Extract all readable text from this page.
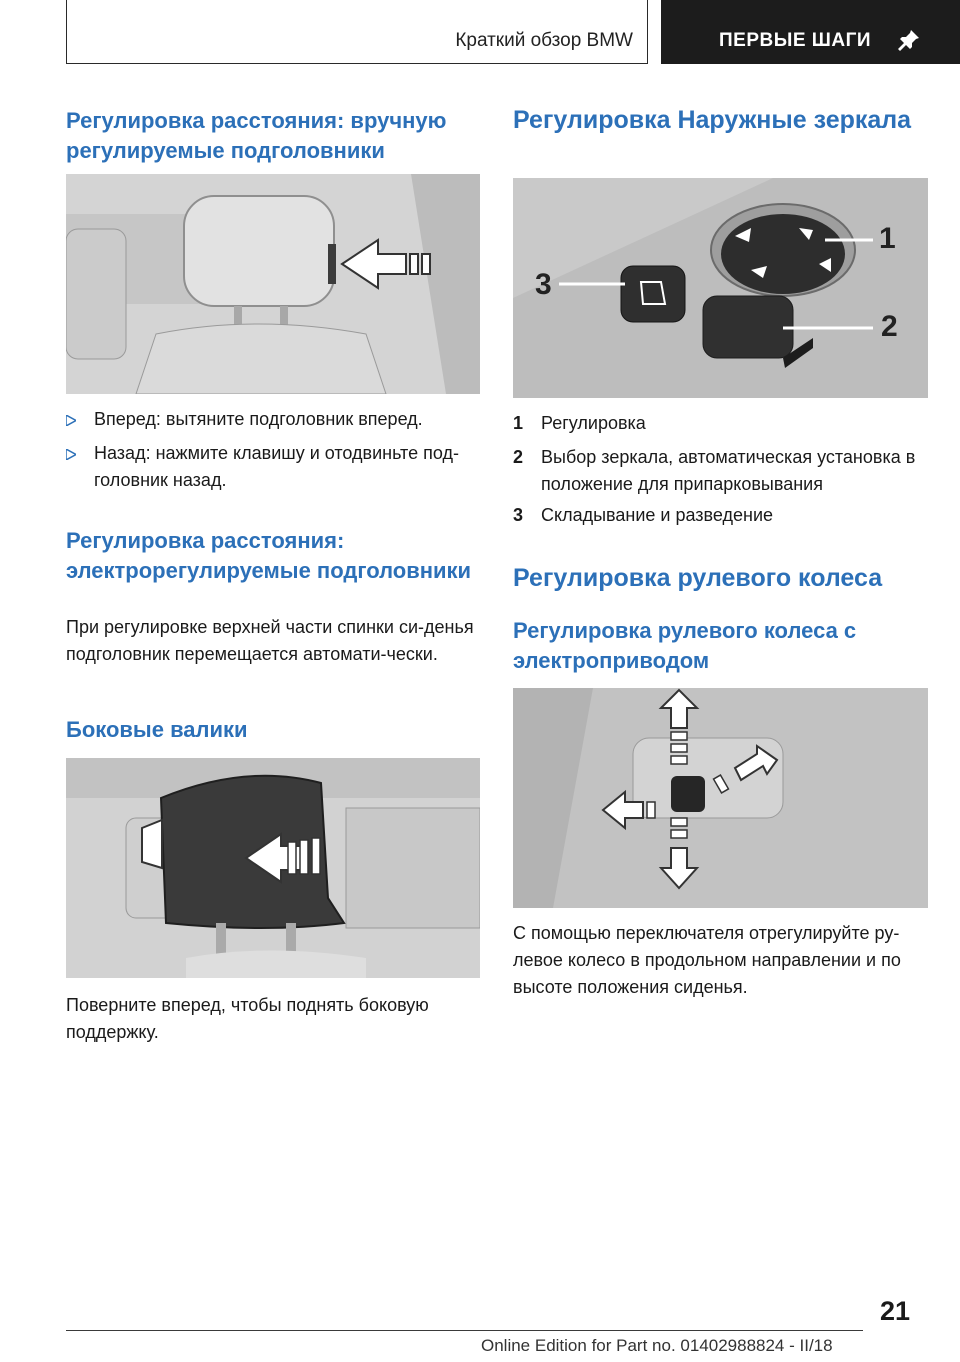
Краткий обзор BMW	ПЕРВЫЕ ШАГИ
Регулировка расстояния: вручную регулируемые подголовники
Вперед: вытяните подголовник вперед.
Назад: нажмите клавишу и отодвиньте под-головник назад.
Регулировка расстояния: электрорегулируемые подголовники

При регулировке верхней части спинки си-денья подголовник перемещается автомати-чески.

Боковые валики

Поверните вперед, чтобы поднять боковую поддержку.

Регулировка Наружные зеркала
1
2
3
1 Регулировка
2 Выбор зеркала, автоматическая установка в положение для припарковывания
3 Складывание и разведение
Регулировка рулевого колеса
Регулировка рулевого колеса с электроприводом

С помощью переключателя отрегулируйте ру-левое колесо в продольном направлении и по высоте положения сиденья.

21
Online Edition for Part no. 01402988824 - II/18
